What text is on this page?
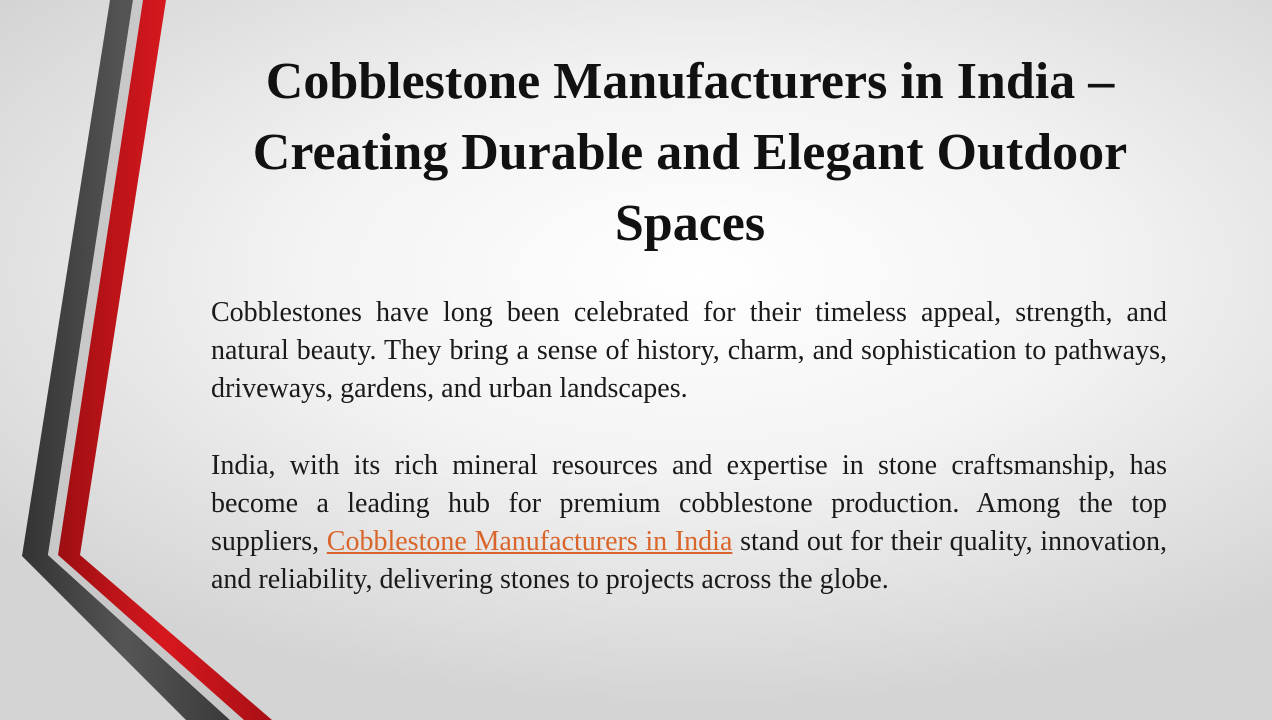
Cobblestone Manufacturers in India – Creating Durable and Elegant Outdoor Spaces

Cobblestones have long been celebrated for their timeless appeal, strength, and natural beauty. They bring a sense of history, charm, and sophistication to pathways, driveways, gardens, and urban landscapes.

India, with its rich mineral resources and expertise in stone craftsmanship, has become a leading hub for premium cobblestone production. Among the top suppliers, Cobblestone Manufacturers in India stand out for their quality, innovation, and reliability, delivering stones to projects across the globe.
